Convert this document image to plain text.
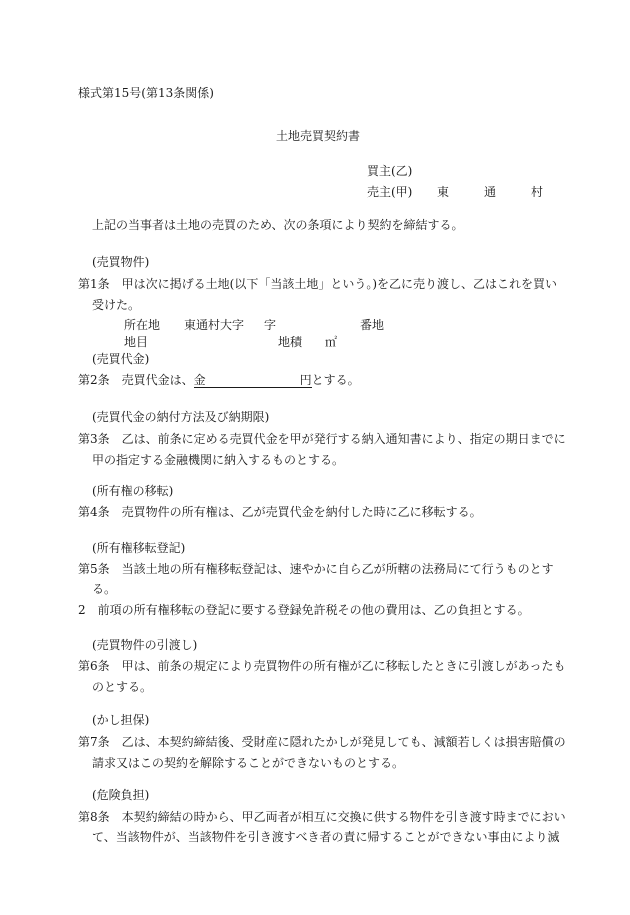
様式第15号(第13条関係)
土地売買契約書
買主(乙)
売主(甲) 東	通	村
上記の当事者は土地の売買のため、次の条項により契約を締結する。
(売買物件)
第1条　甲は次に掲げる土地(以下「当該土地」という。)を乙に売り渡し、乙はこれを買い
受けた。
所在地 東通村大字 字	番地
地目	地積 ㎡
(売買代金)
第2条　売買代金は、金	円とする。
(売買代金の納付方法及び納期限)
第3条　乙は、前条に定める売買代金を甲が発行する納入通知書により、指定の期日までに
甲の指定する金融機関に納入するものとする。
(所有権の移転)
第4条　売買物件の所有権は、乙が売買代金を納付した時に乙に移転する。
(所有権移転登記)
第5条　当該土地の所有権移転登記は、速やかに自ら乙が所轄の法務局にて行うものとす
る。
2　前項の所有権移転の登記に要する登録免許税その他の費用は、乙の負担とする。
(売買物件の引渡し)
第6条　甲は、前条の規定により売買物件の所有権が乙に移転したときに引渡しがあったも
のとする。
(かし担保)
第7条　乙は、本契約締結後、受財産に隠れたかしが発見しても、減額若しくは損害賠償の
請求又はこの契約を解除することができないものとする。
(危険負担)
第8条　本契約締結の時から、甲乙両者が相互に交換に供する物件を引き渡す時までにおい
て、当該物件が、当該物件を引き渡すべき者の責に帰することができない事由により滅
